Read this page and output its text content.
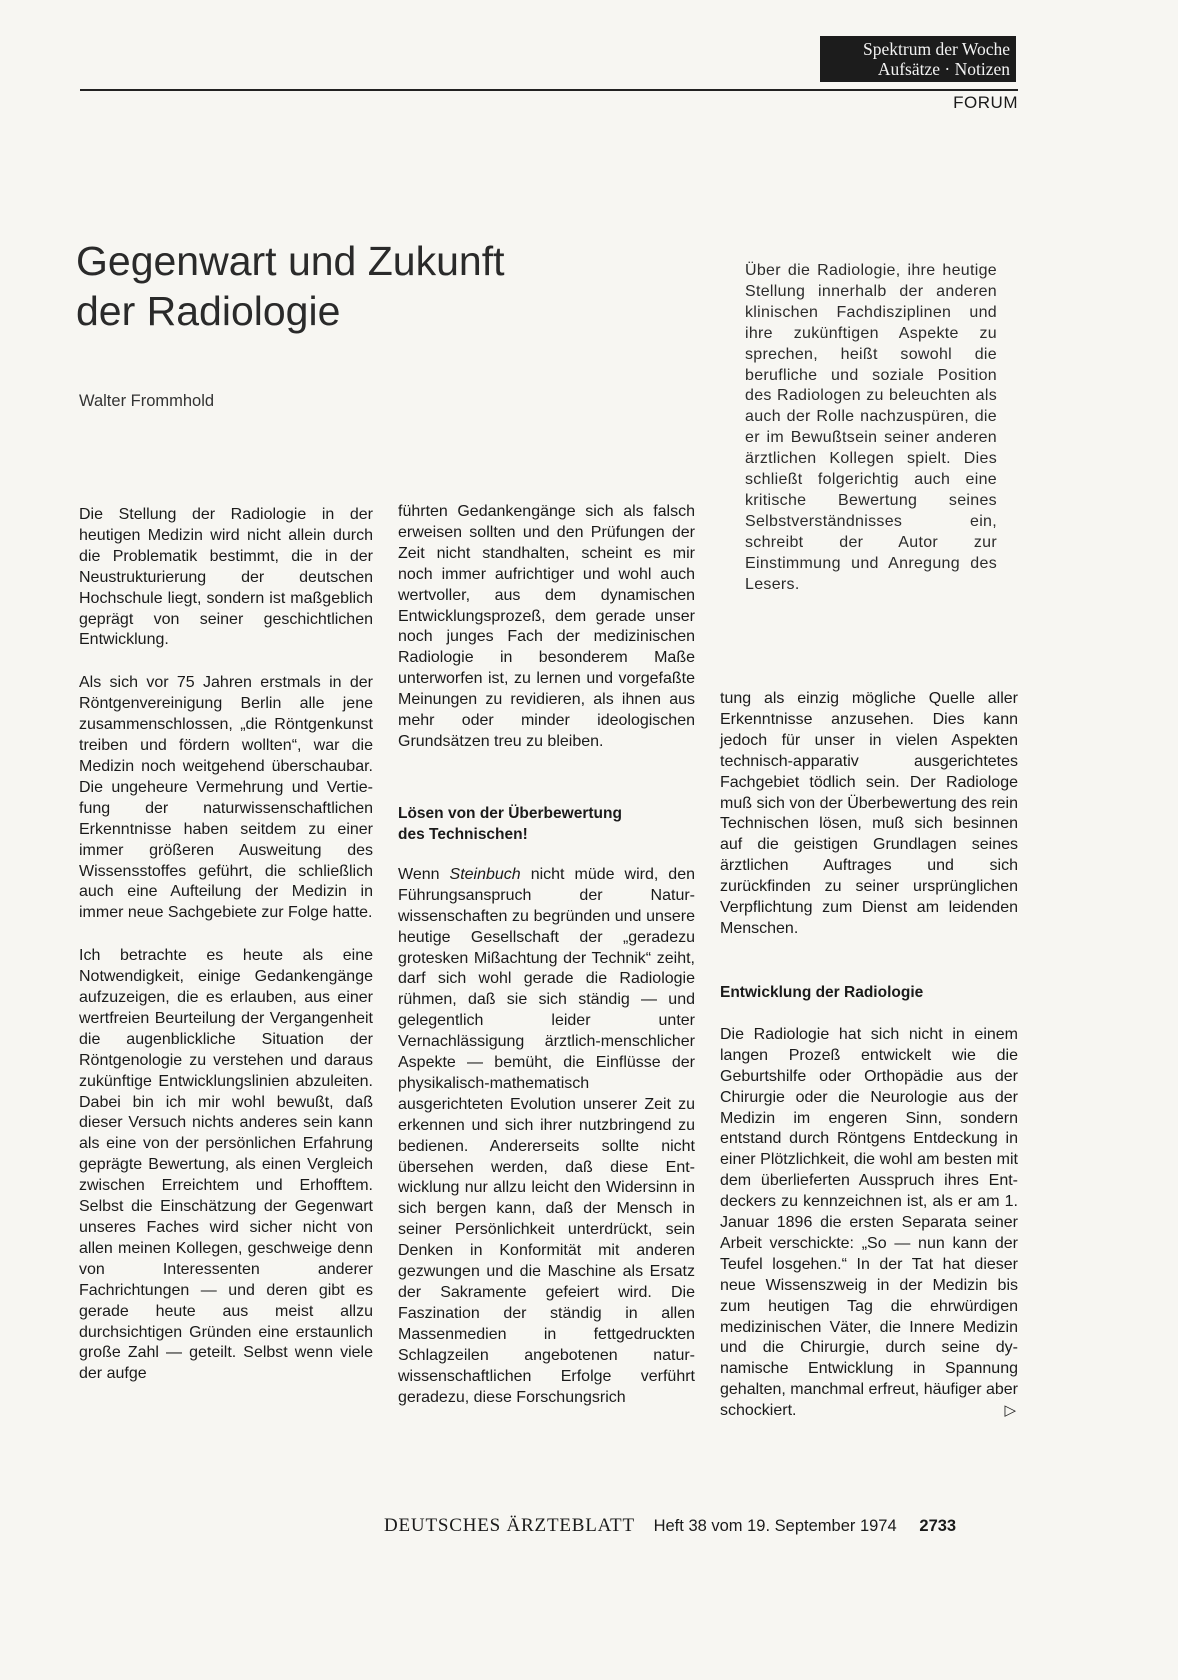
Spektrum der Woche
Aufsätze · Notizen
FORUM
Gegenwart und Zukunft
der Radiologie
Walter Frommhold
Über die Radiologie, ihre heutige Stellung innerhalb der anderen klinischen Fachdisziplinen und ihre zukünftigen Aspekte zu sprechen, heißt sowohl die berufliche und soziale Position des Radiologen zu beleuchten als auch der Rolle nachzuspüren, die er im Bewußtsein seiner anderen ärztlichen Kollegen spielt. Dies schließt folgerichtig auch eine kritische Bewertung seines Selbstverständnisses ein, schreibt der Autor zur Einstimmung und Anregung des Lesers.

Die Stellung der Radiologie in der heutigen Medizin wird nicht allein durch die Problematik bestimmt, die in der Neustrukturierung der deutschen Hochschule liegt, sondern ist maßgeblich geprägt von seiner geschichtlichen Entwicklung.

Als sich vor 75 Jahren erstmals in der Röntgenvereinigung Berlin alle jene zusammenschlossen, „die Röntgenkunst treiben und fördern wollten“, war die Medizin noch weitgehend überschaubar. Die ungeheure Vermehrung und Vertiefung der naturwissenschaftlichen Erkenntnisse haben seitdem zu einer immer größeren Ausweitung des Wissensstoffes geführt, die schließlich auch eine Aufteilung der Medizin in immer neue Sachgebiete zur Folge hatte.

Ich betrachte es heute als eine Notwendigkeit, einige Gedankengänge aufzuzeigen, die es erlauben, aus einer wertfreien Beurteilung der Vergangenheit die augenblickliche Situation der Röntgenologie zu verstehen und daraus zukünftige Entwicklungslinien abzuleiten. Dabei bin ich mir wohl bewußt, daß dieser Versuch nichts anderes sein kann als eine von der persönlichen Erfahrung geprägte Bewertung, als einen Vergleich zwischen Erreichtem und Erhofftem. Selbst die Einschätzung der Gegenwart unseres Faches wird sicher nicht von allen meinen Kollegen, geschweige denn von Interessenten anderer Fachrichtungen — und deren gibt es gerade heute aus meist allzu durchsichtigen Gründen eine erstaunlich große Zahl — geteilt. Selbst wenn viele der aufge

führten Gedankengänge sich als falsch erweisen sollten und den Prüfungen der Zeit nicht standhalten, scheint es mir noch immer aufrichtiger und wohl auch wertvoller, aus dem dynamischen Entwicklungsprozeß, dem gerade unser noch junges Fach der medizinischen Radiologie in besonderem Maße unterworfen ist, zu lernen und vorgefaßte Meinungen zu revidieren, als ihnen aus mehr oder minder ideologischen Grundsätzen treu zu bleiben.

Lösen von der Überbewertung
des Technischen!

Wenn Steinbuch nicht müde wird, den Führungsanspruch der Naturwissenschaften zu begründen und unsere heutige Gesellschaft der „geradezu grotesken Mißachtung der Technik“ zeiht, darf sich wohl gerade die Radiologie rühmen, daß sie sich ständig — und gelegentlich leider unter Vernachlässigung ärztlich-menschlicher Aspekte — bemüht, die Einflüsse der physikalisch-mathematisch ausgerichteten Evolution unserer Zeit zu erkennen und sich ihrer nutzbringend zu bedienen. Andererseits sollte nicht übersehen werden, daß diese Entwicklung nur allzu leicht den Widersinn in sich bergen kann, daß der Mensch in seiner Persönlichkeit unterdrückt, sein Denken in Konformität mit anderen gezwungen und die Maschine als Ersatz der Sakramente gefeiert wird. Die Faszination der ständig in allen Massenmedien in fettgedruckten Schlagzeilen angebotenen naturwissenschaftlichen Erfolge verführt geradezu, diese Forschungsrich

tung als einzig mögliche Quelle aller Erkenntnisse anzusehen. Dies kann jedoch für unser in vielen Aspekten technisch-apparativ ausgerichtetes Fachgebiet tödlich sein. Der Radiologe muß sich von der Überbewertung des rein Technischen lösen, muß sich besinnen auf die geistigen Grundlagen seines ärztlichen Auftrages und sich zurückfinden zu seiner ursprünglichen Verpflichtung zum Dienst am leidenden Menschen.

Entwicklung der Radiologie

Die Radiologie hat sich nicht in einem langen Prozeß entwickelt wie die Geburtshilfe oder Orthopädie aus der Chirurgie oder die Neurologie aus der Medizin im engeren Sinn, sondern entstand durch Röntgens Entdeckung in einer Plötzlichkeit, die wohl am besten mit dem überlieferten Ausspruch ihres Entdeckers zu kennzeichnen ist, als er am 1. Januar 1896 die ersten Separata seiner Arbeit verschickte: „So — nun kann der Teufel losgehen.“ In der Tat hat dieser neue Wissenszweig in der Medizin bis zum heutigen Tag die ehrwürdigen medizinischen Väter, die Innere Medizin und die Chirurgie, durch seine dynamische Entwicklung in Spannung gehalten, manchmal erfreut, häufiger aber schockiert.	▷

DEUTSCHES ÄRZTEBLATT Heft 38 vom 19. September 1974 2733
